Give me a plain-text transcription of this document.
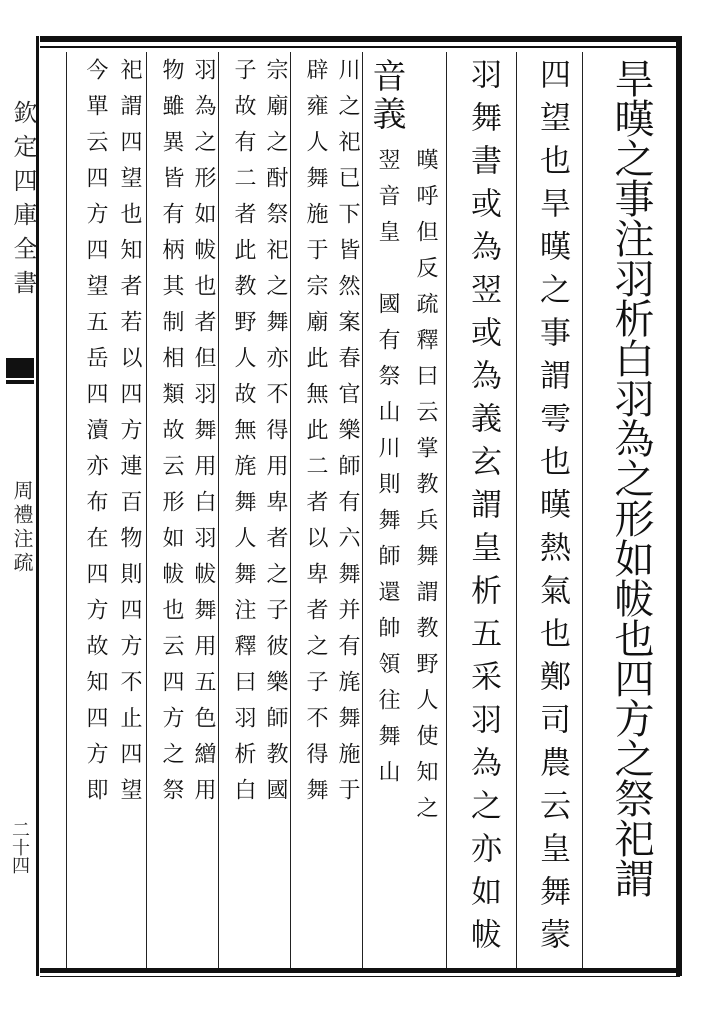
欽定四庫全書
周禮注疏
二十四	旱暵之事注羽析白羽為之形如帗也四方之祭祀謂
四望也旱暵之事謂雩也暵熱氣也鄭司農云皇舞蒙
羽舞書或為翌或為義玄謂皇析五采羽為之亦如帗
音義
暵呼但反疏釋曰云掌教兵舞謂教野人使知之
翌音皇　國有祭山川則舞師還帥領往舞山
川之祀已下皆然案春官樂師有六舞并有旄舞施于
辟雍人舞施于宗廟此無此二者以卑者之子不得舞
宗廟之酎祭祀之舞亦不得用卑者之子彼樂師教國
子故有二者此教野人故無旄舞人舞注釋曰羽析白
羽為之形如帗也者但羽舞用白羽帗舞用五色繒用
物雖異皆有柄其制相類故云形如帗也云四方之祭
祀謂四望也知者若以四方連百物則四方不止四望
今單云四方四望五岳四瀆亦布在四方故知四方即
